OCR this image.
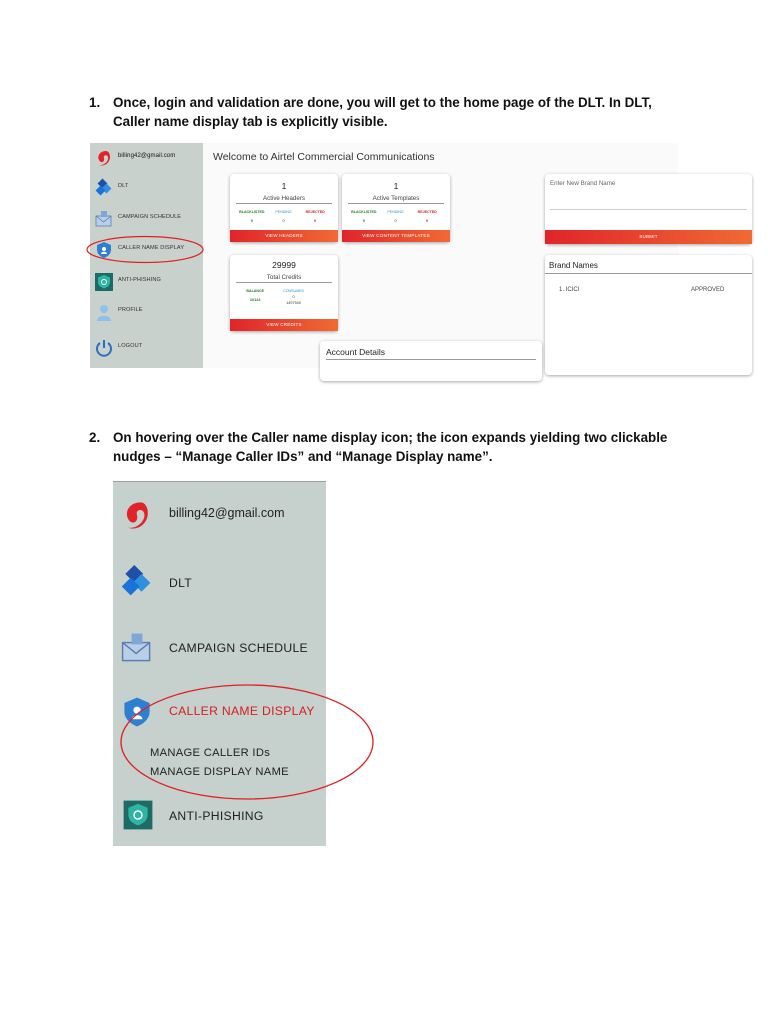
1. Once, login and validation are done, you will get to the home page of the DLT. In DLT, Caller name display tab is explicitly visible.
billing42@gmail.com
DLT
CAMPAIGN SCHEDULE
CALLER NAME DISPLAY
ANTI-PHISHING
PROFILE
LOGOUT
Welcome to Airtel Commercial Communications
1
Active Headers
BLACKLISTED
0
PENDING
0
REJECTED
0
VIEW HEADERS
1
Active Templates
BLACKLISTED
0
PENDING
0
REJECTED
0
VIEW CONTENT TEMPLATES
Enter New Brand Name
SUBMIT
29999
Total Credits
BALANCE
10124
CONSUMED
0
1497500
VIEW CREDITS
Brand Names
1. ICICI	APPROVED
Account Details
2. On hovering over the Caller name display icon; the icon expands yielding two clickable nudges – “Manage Caller IDs” and “Manage Display name”.
billing42@gmail.com
DLT
CAMPAIGN SCHEDULE
CALLER NAME DISPLAY
MANAGE CALLER IDs
MANAGE DISPLAY NAME
ANTI-PHISHING
